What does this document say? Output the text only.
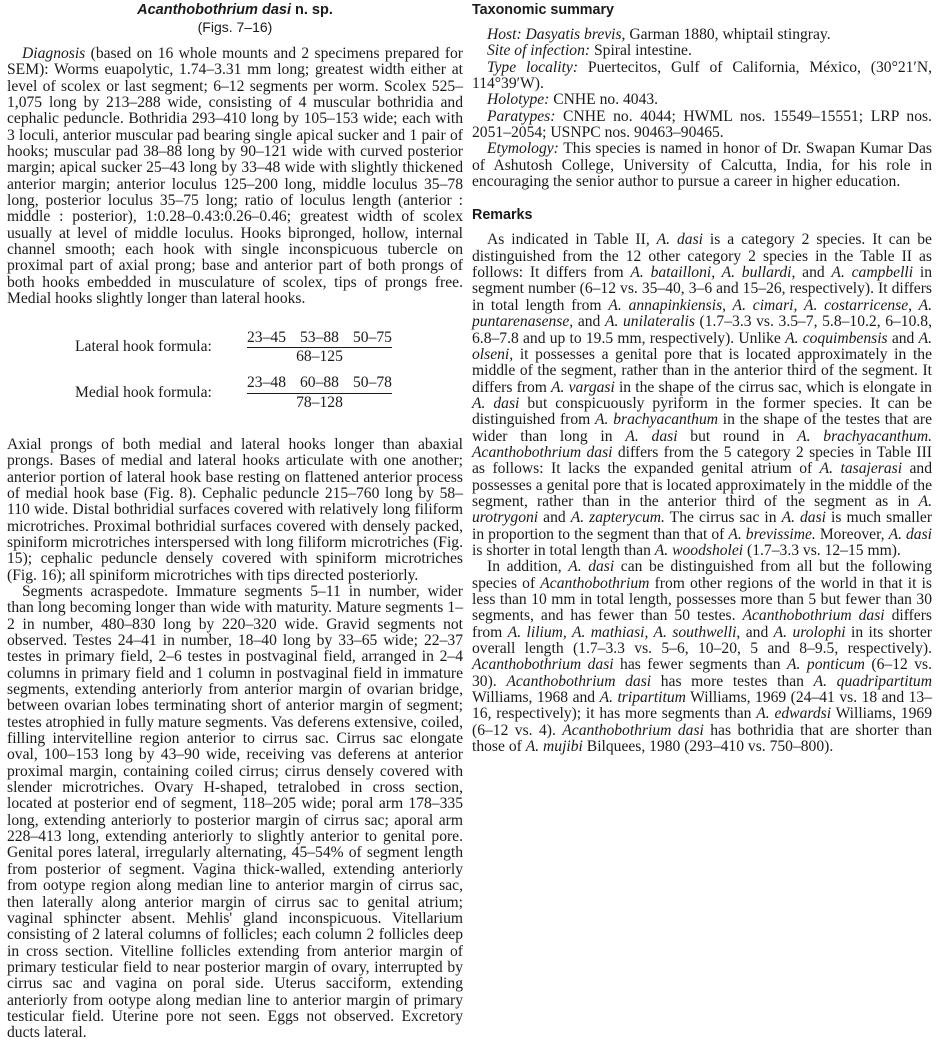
Acanthobothrium dasi n. sp.
(Figs. 7–16)

Diagnosis (based on 16 whole mounts and 2 specimens prepared for SEM): Worms euapolytic, 1.74–3.31 mm long; greatest width either at level of scolex or last segment; 6–12 segments per worm. Scolex 525–1,075 long by 213–288 wide, consisting of 4 muscular bothridia and cephalic peduncle. Bothridia 293–410 long by 105–153 wide; each with 3 loculi, anterior muscular pad bearing single apical sucker and 1 pair of hooks; muscular pad 38–88 long by 90–121 wide with curved posterior margin; apical sucker 25–43 long by 33–48 wide with slightly thickened anterior margin; anterior loculus 125–200 long, middle loculus 35–78 long, posterior loculus 35–75 long; ratio of loculus length (anterior : middle : posterior), 1:0.28–0.43:0.26–0.46; greatest width of scolex usually at level of middle loculus. Hooks bipronged, hollow, internal channel smooth; each hook with single inconspicuous tubercle on proximal part of axial prong; base and anterior part of both prongs of both hooks embedded in musculature of scolex, tips of prongs free. Medial hooks slightly longer than lateral hooks.

Lateral hook formula:	$\frac{23-45 53-88 50-75}{68-125}$
Medial hook formula:	$\frac{23-48 60-88 50-78}{78-128}$

Axial prongs of both medial and lateral hooks longer than abaxial prongs. Bases of medial and lateral hooks articulate with one another; anterior portion of lateral hook base resting on flattened anterior process of medial hook base (Fig. 8). Cephalic peduncle 215–760 long by 58–110 wide. Distal bothridial surfaces covered with relatively long filiform microtriches. Proximal bothridial surfaces covered with densely packed, spiniform microtriches interspersed with long filiform microtriches (Fig. 15); cephalic peduncle densely covered with spiniform microtriches (Fig. 16); all spiniform microtriches with tips directed posteriorly.

Segments acraspedote. Immature segments 5–11 in number, wider than long becoming longer than wide with maturity. Mature segments 1–2 in number, 480–830 long by 220–320 wide. Gravid segments not observed. Testes 24–41 in number, 18–40 long by 33–65 wide; 22–37 testes in primary field, 2–6 testes in postvaginal field, arranged in 2–4 columns in primary field and 1 column in postvaginal field in immature segments, extending anteriorly from anterior margin of ovarian bridge, between ovarian lobes terminating short of anterior margin of segment; testes atrophied in fully mature segments. Vas deferens extensive, coiled, filling intervitelline region anterior to cirrus sac. Cirrus sac elongate oval, 100–153 long by 43–90 wide, receiving vas deferens at anterior proximal margin, containing coiled cirrus; cirrus densely covered with slender microtriches. Ovary H-shaped, tetralobed in cross section, located at posterior end of segment, 118–205 wide; poral arm 178–335 long, extending anteriorly to posterior margin of cirrus sac; aporal arm 228–413 long, extending anteriorly to slightly anterior to genital pore. Genital pores lateral, irregularly alternating, 45–54% of segment length from posterior of segment. Vagina thick-walled, extending anteriorly from ootype region along median line to anterior margin of cirrus sac, then laterally along anterior margin of cirrus sac to genital atrium; vaginal sphincter absent. Mehlis' gland inconspicuous. Vitellarium consisting of 2 lateral columns of follicles; each column 2 follicles deep in cross section. Vitelline follicles extending from anterior margin of primary testicular field to near posterior margin of ovary, interrupted by cirrus sac and vagina on poral side. Uterus sacciform, extending anteriorly from ootype along median line to anterior margin of primary testicular field. Uterine pore not seen. Eggs not observed. Excretory ducts lateral.

Taxonomic summary

Host: Dasyatis brevis, Garman 1880, whiptail stingray.

Site of infection: Spiral intestine.

Type locality: Puertecitos, Gulf of California, México, (30°21′N, 114°39′W).

Holotype: CNHE no. 4043.

Paratypes: CNHE no. 4044; HWML nos. 15549–15551; LRP nos. 2051–2054; USNPC nos. 90463–90465.

Etymology: This species is named in honor of Dr. Swapan Kumar Das of Ashutosh College, University of Calcutta, India, for his role in encouraging the senior author to pursue a career in higher education.

Remarks

As indicated in Table II, A. dasi is a category 2 species. It can be distinguished from the 12 other category 2 species in the Table II as follows: It differs from A. batailloni, A. bullardi, and A. campbelli in segment number (6–12 vs. 35–40, 3–6 and 15–26, respectively). It differs in total length from A. annapinkiensis, A. cimari, A. costarricense, A. puntarenasense, and A. unilateralis (1.7–3.3 vs. 3.5–7, 5.8–10.2, 6–10.8, 6.8–7.8 and up to 19.5 mm, respectively). Unlike A. coquimbensis and A. olseni, it possesses a genital pore that is located approximately in the middle of the segment, rather than in the anterior third of the segment. It differs from A. vargasi in the shape of the cirrus sac, which is elongate in A. dasi but conspicuously pyriform in the former species. It can be distinguished from A. brachyacanthum in the shape of the testes that are wider than long in A. dasi but round in A. brachyacanthum. Acanthobothrium dasi differs from the 5 category 2 species in Table III as follows: It lacks the expanded genital atrium of A. tasajerasi and possesses a genital pore that is located approximately in the middle of the segment, rather than in the anterior third of the segment as in A. urotrygoni and A. zapterycum. The cirrus sac in A. dasi is much smaller in proportion to the segment than that of A. brevissime. Moreover, A. dasi is shorter in total length than A. woodsholei (1.7–3.3 vs. 12–15 mm).

In addition, A. dasi can be distinguished from all but the following species of Acanthobothrium from other regions of the world in that it is less than 10 mm in total length, possesses more than 5 but fewer than 30 segments, and has fewer than 50 testes. Acanthobothrium dasi differs from A. lilium, A. mathiasi, A. southwelli, and A. urolophi in its shorter overall length (1.7–3.3 vs. 5–6, 10–20, 5 and 8–9.5, respectively). Acanthobothrium dasi has fewer segments than A. ponticum (6–12 vs. 30). Acanthobothrium dasi has more testes than A. quadripartitum Williams, 1968 and A. tripartitum Williams, 1969 (24–41 vs. 18 and 13–16, respectively); it has more segments than A. edwardsi Williams, 1969 (6–12 vs. 4). Acanthobothrium dasi has bothridia that are shorter than those of A. mujibi Bilquees, 1980 (293–410 vs. 750–800).
